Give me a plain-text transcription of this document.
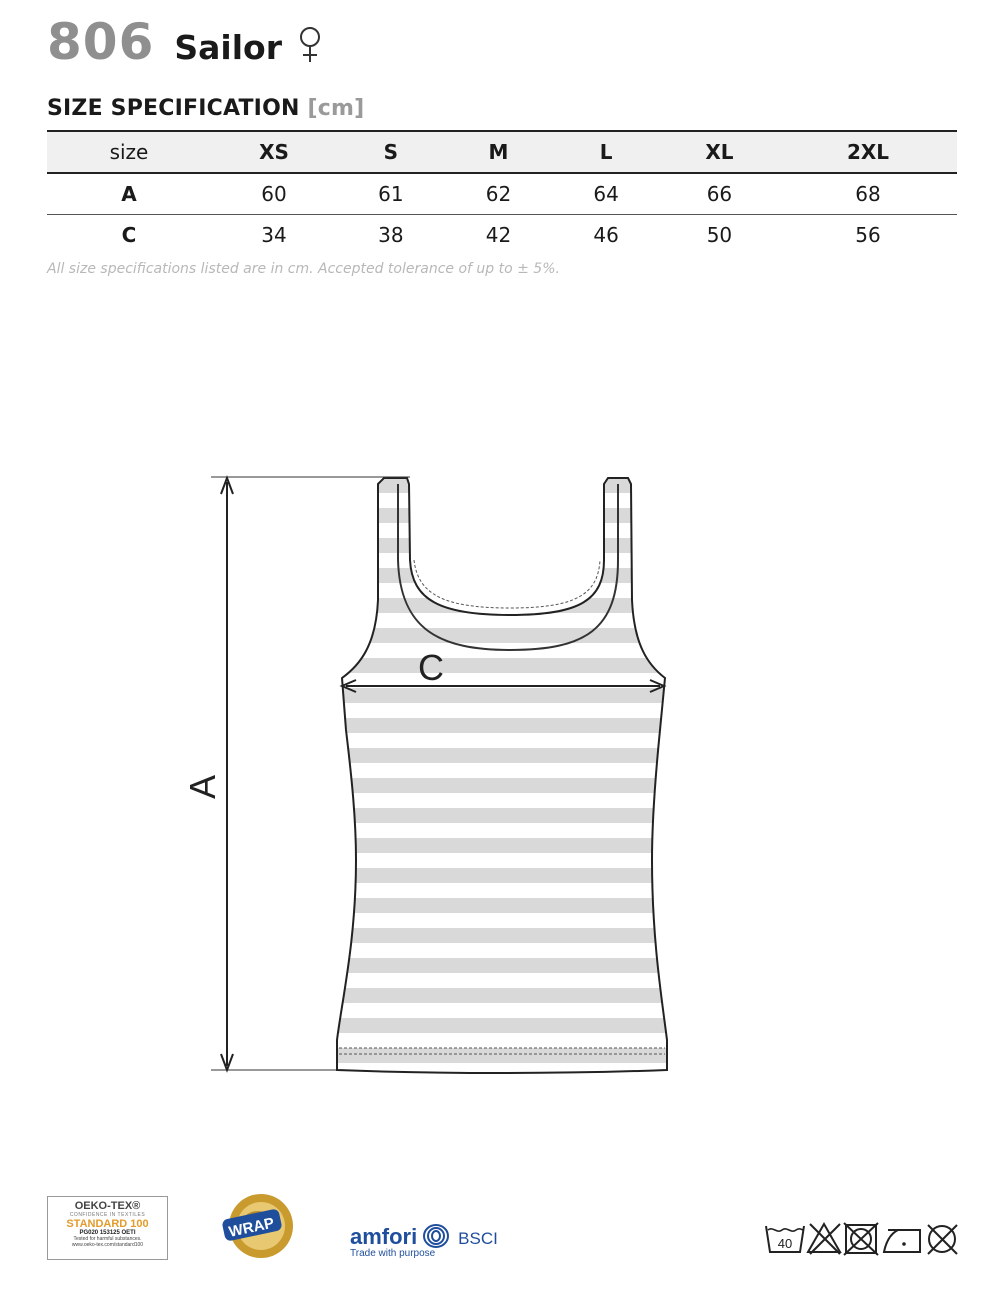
806 Sailor
SIZE SPECIFICATION [cm]
size	XS	S	M	L	XL	2XL
A	60	61	62	64	66	68
C	34	38	42	46	50	56
All size specifications listed are in cm. Accepted tolerance of up to ± 5%.
A
C
OEKO-TEX®
CONFIDENCE IN TEXTILES
STANDARD 100
PG020 153125 OETI
Tested for harmful substances.
www.oeko-tex.com/standard100
WRAP	amfori BSCI
Trade with purpose
40
